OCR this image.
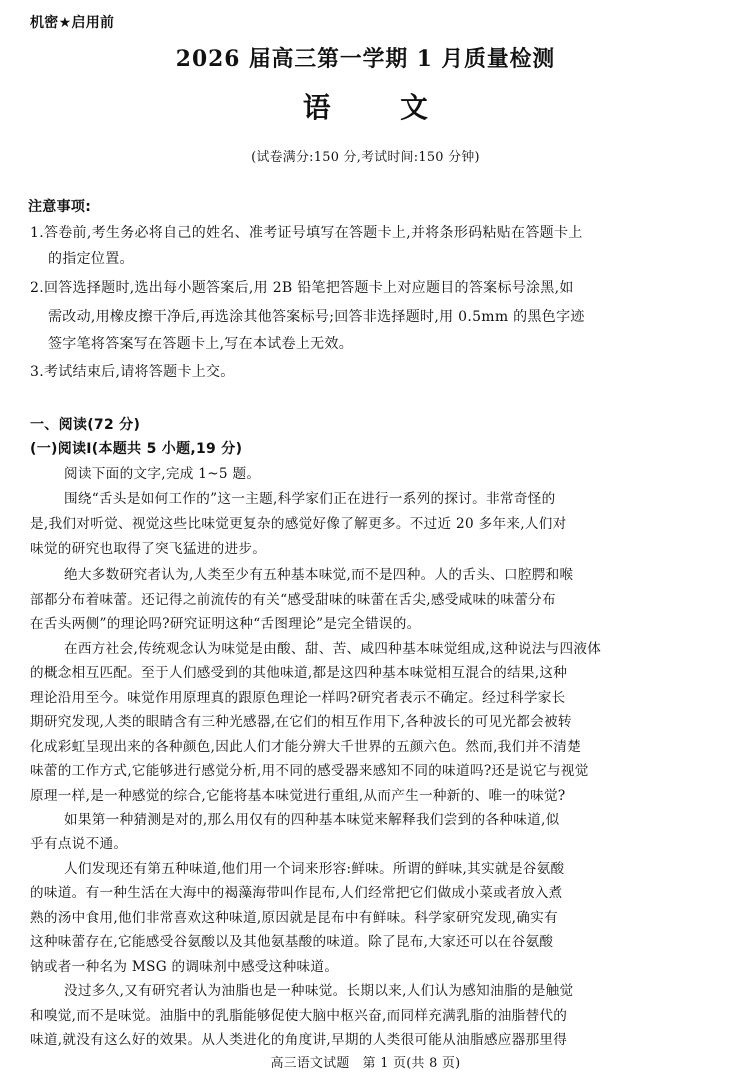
机密★启用前
2026 届高三第一学期 1 月质量检测
语 文
(试卷满分:150 分,考试时间:150 分钟)
注意事项:
1.答卷前,考生务必将自己的姓名、准考证号填写在答题卡上,并将条形码粘贴在答题卡上
的指定位置。
2.回答选择题时,选出每小题答案后,用 2B 铅笔把答题卡上对应题目的答案标号涂黑,如
需改动,用橡皮擦干净后,再选涂其他答案标号;回答非选择题时,用 0.5mm 的黑色字迹
签字笔将答案写在答题卡上,写在本试卷上无效。
3.考试结束后,请将答题卡上交。
一、阅读(72 分)
(一)阅读Ⅰ(本题共 5 小题,19 分)
阅读下面的文字,完成 1~5 题。
围绕“舌头是如何工作的”这一主题,科学家们正在进行一系列的探讨。非常奇怪的
是,我们对听觉、视觉这些比味觉更复杂的感觉好像了解更多。不过近 20 多年来,人们对
味觉的研究也取得了突飞猛进的进步。
绝大多数研究者认为,人类至少有五种基本味觉,而不是四种。人的舌头、口腔腭和喉
部都分布着味蕾。还记得之前流传的有关“感受甜味的味蕾在舌尖,感受咸味的味蕾分布
在舌头两侧”的理论吗?研究证明这种“舌图理论”是完全错误的。
在西方社会,传统观念认为味觉是由酸、甜、苦、咸四种基本味觉组成,这种说法与四液体
的概念相互匹配。至于人们感受到的其他味道,都是这四种基本味觉相互混合的结果,这种
理论沿用至今。味觉作用原理真的跟原色理论一样吗?研究者表示不确定。经过科学家长
期研究发现,人类的眼睛含有三种光感器,在它们的相互作用下,各种波长的可见光都会被转
化成彩虹呈现出来的各种颜色,因此人们才能分辨大千世界的五颜六色。然而,我们并不清楚
味蕾的工作方式,它能够进行感觉分析,用不同的感受器来感知不同的味道吗?还是说它与视觉
原理一样,是一种感觉的综合,它能将基本味觉进行重组,从而产生一种新的、唯一的味觉?
如果第一种猜测是对的,那么用仅有的四种基本味觉来解释我们尝到的各种味道,似
乎有点说不通。
人们发现还有第五种味道,他们用一个词来形容:鲜味。所谓的鲜味,其实就是谷氨酸
的味道。有一种生活在大海中的褐藻海带叫作昆布,人们经常把它们做成小菜或者放入煮
熟的汤中食用,他们非常喜欢这种味道,原因就是昆布中有鲜味。科学家研究发现,确实有
这种味蕾存在,它能感受谷氨酸以及其他氨基酸的味道。除了昆布,大家还可以在谷氨酸
钠或者一种名为 MSG 的调味剂中感受这种味道。
没过多久,又有研究者认为油脂也是一种味觉。长期以来,人们认为感知油脂的是触觉
和嗅觉,而不是味觉。油脂中的乳脂能够促使大脑中枢兴奋,而同样充满乳脂的油脂替代的
味道,就没有这么好的效果。从人类进化的角度讲,早期的人类很可能从油脂感应器那里得
高三语文试题　第 1 页(共 8 页)
